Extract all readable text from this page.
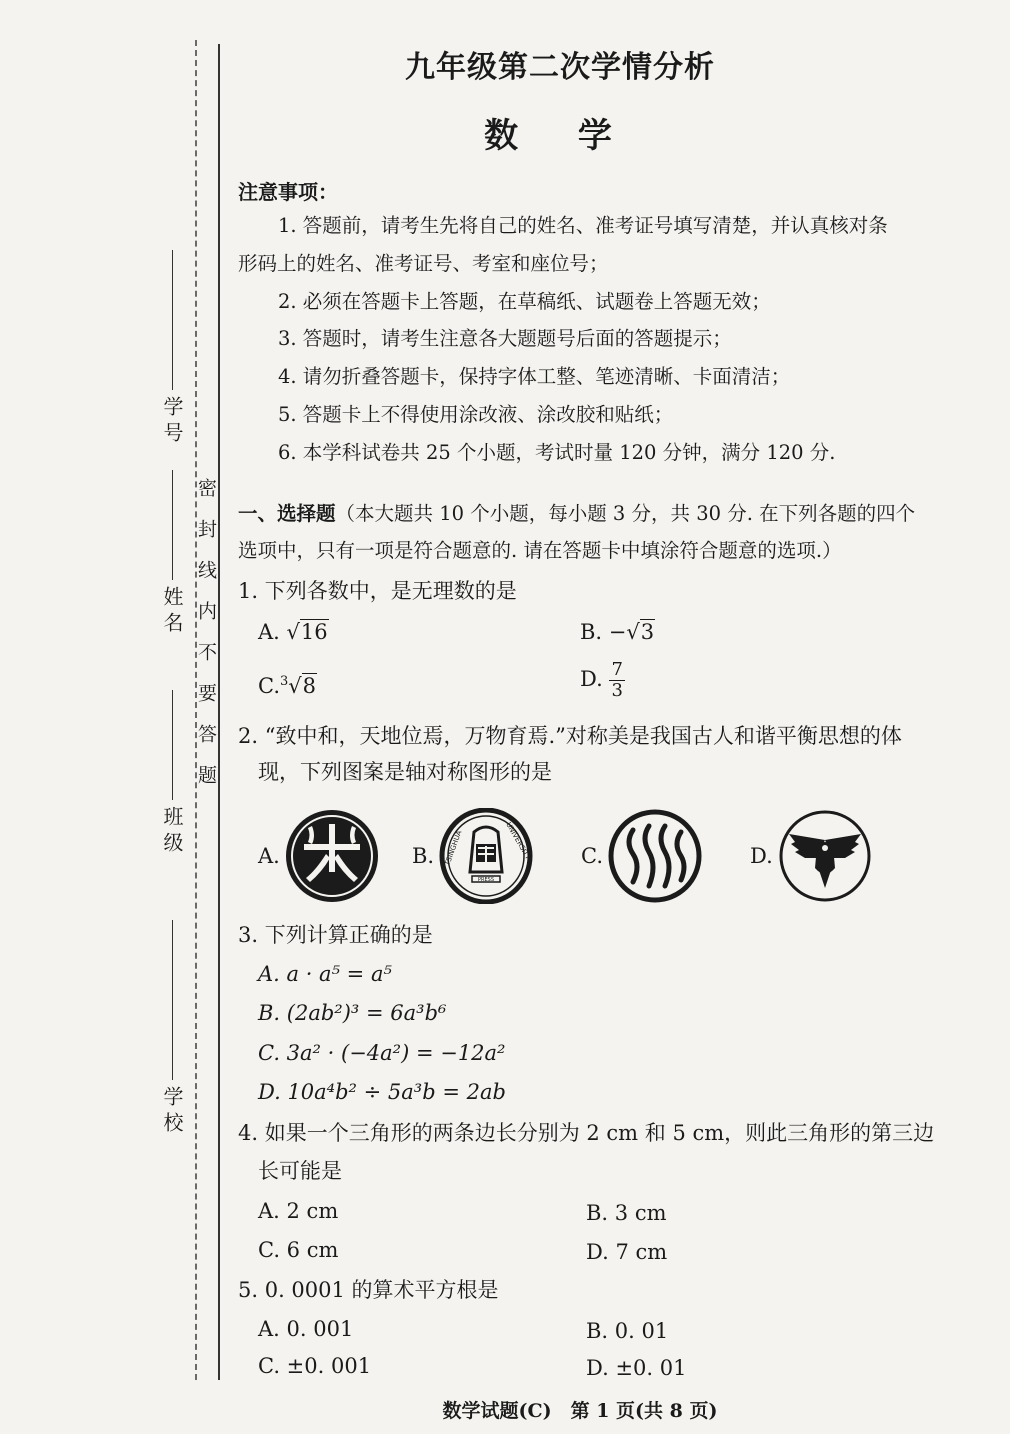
学号
姓名
班级
学校
密封线内不要答题
九年级第二次学情分析
数 学
注意事项：
1. 答题前，请考生先将自己的姓名、准考证号填写清楚，并认真核对条
形码上的姓名、准考证号、考室和座位号；
2. 必须在答题卡上答题，在草稿纸、试题卷上答题无效；
3. 答题时，请考生注意各大题题号后面的答题提示；
4. 请勿折叠答题卡，保持字体工整、笔迹清晰、卡面清洁；
5. 答题卡上不得使用涂改液、涂改胶和贴纸；
6. 本学科试卷共 25 个小题，考试时量 120 分钟，满分 120 分.
一、选择题（本大题共 10 个小题，每小题 3 分，共 30 分. 在下列各题的四个
选项中，只有一项是符合题意的. 请在答题卡中填涂符合题意的选项.）
1. 下列各数中，是无理数的是
A. √16	B. −√3
C.$^3$√8	D. $\frac{7}{3}$
2. “致中和，天地位焉，万物育焉.”对称美是我国古人和谐平衡思想的体
现，下列图案是轴对称图形的是
A.	B. TSINGHUA	UNIVERSITY
PRESS
C.	D.
3. 下列计算正确的是
A. a · a⁵ = a⁵
B. (2ab²)³ = 6a³b⁶
C. 3a² · (−4a²) = −12a²
D. 10a⁴b² ÷ 5a³b = 2ab
4. 如果一个三角形的两条边长分别为 2 cm 和 5 cm，则此三角形的第三边
长可能是
A. 2 cm	B. 3 cm
C. 6 cm	D. 7 cm
5. 0. 0001 的算术平方根是
A. 0. 001	B. 0. 01
C. ±0. 001	D. ±0. 01
数学试题(C)　第 1 页(共 8 页)
